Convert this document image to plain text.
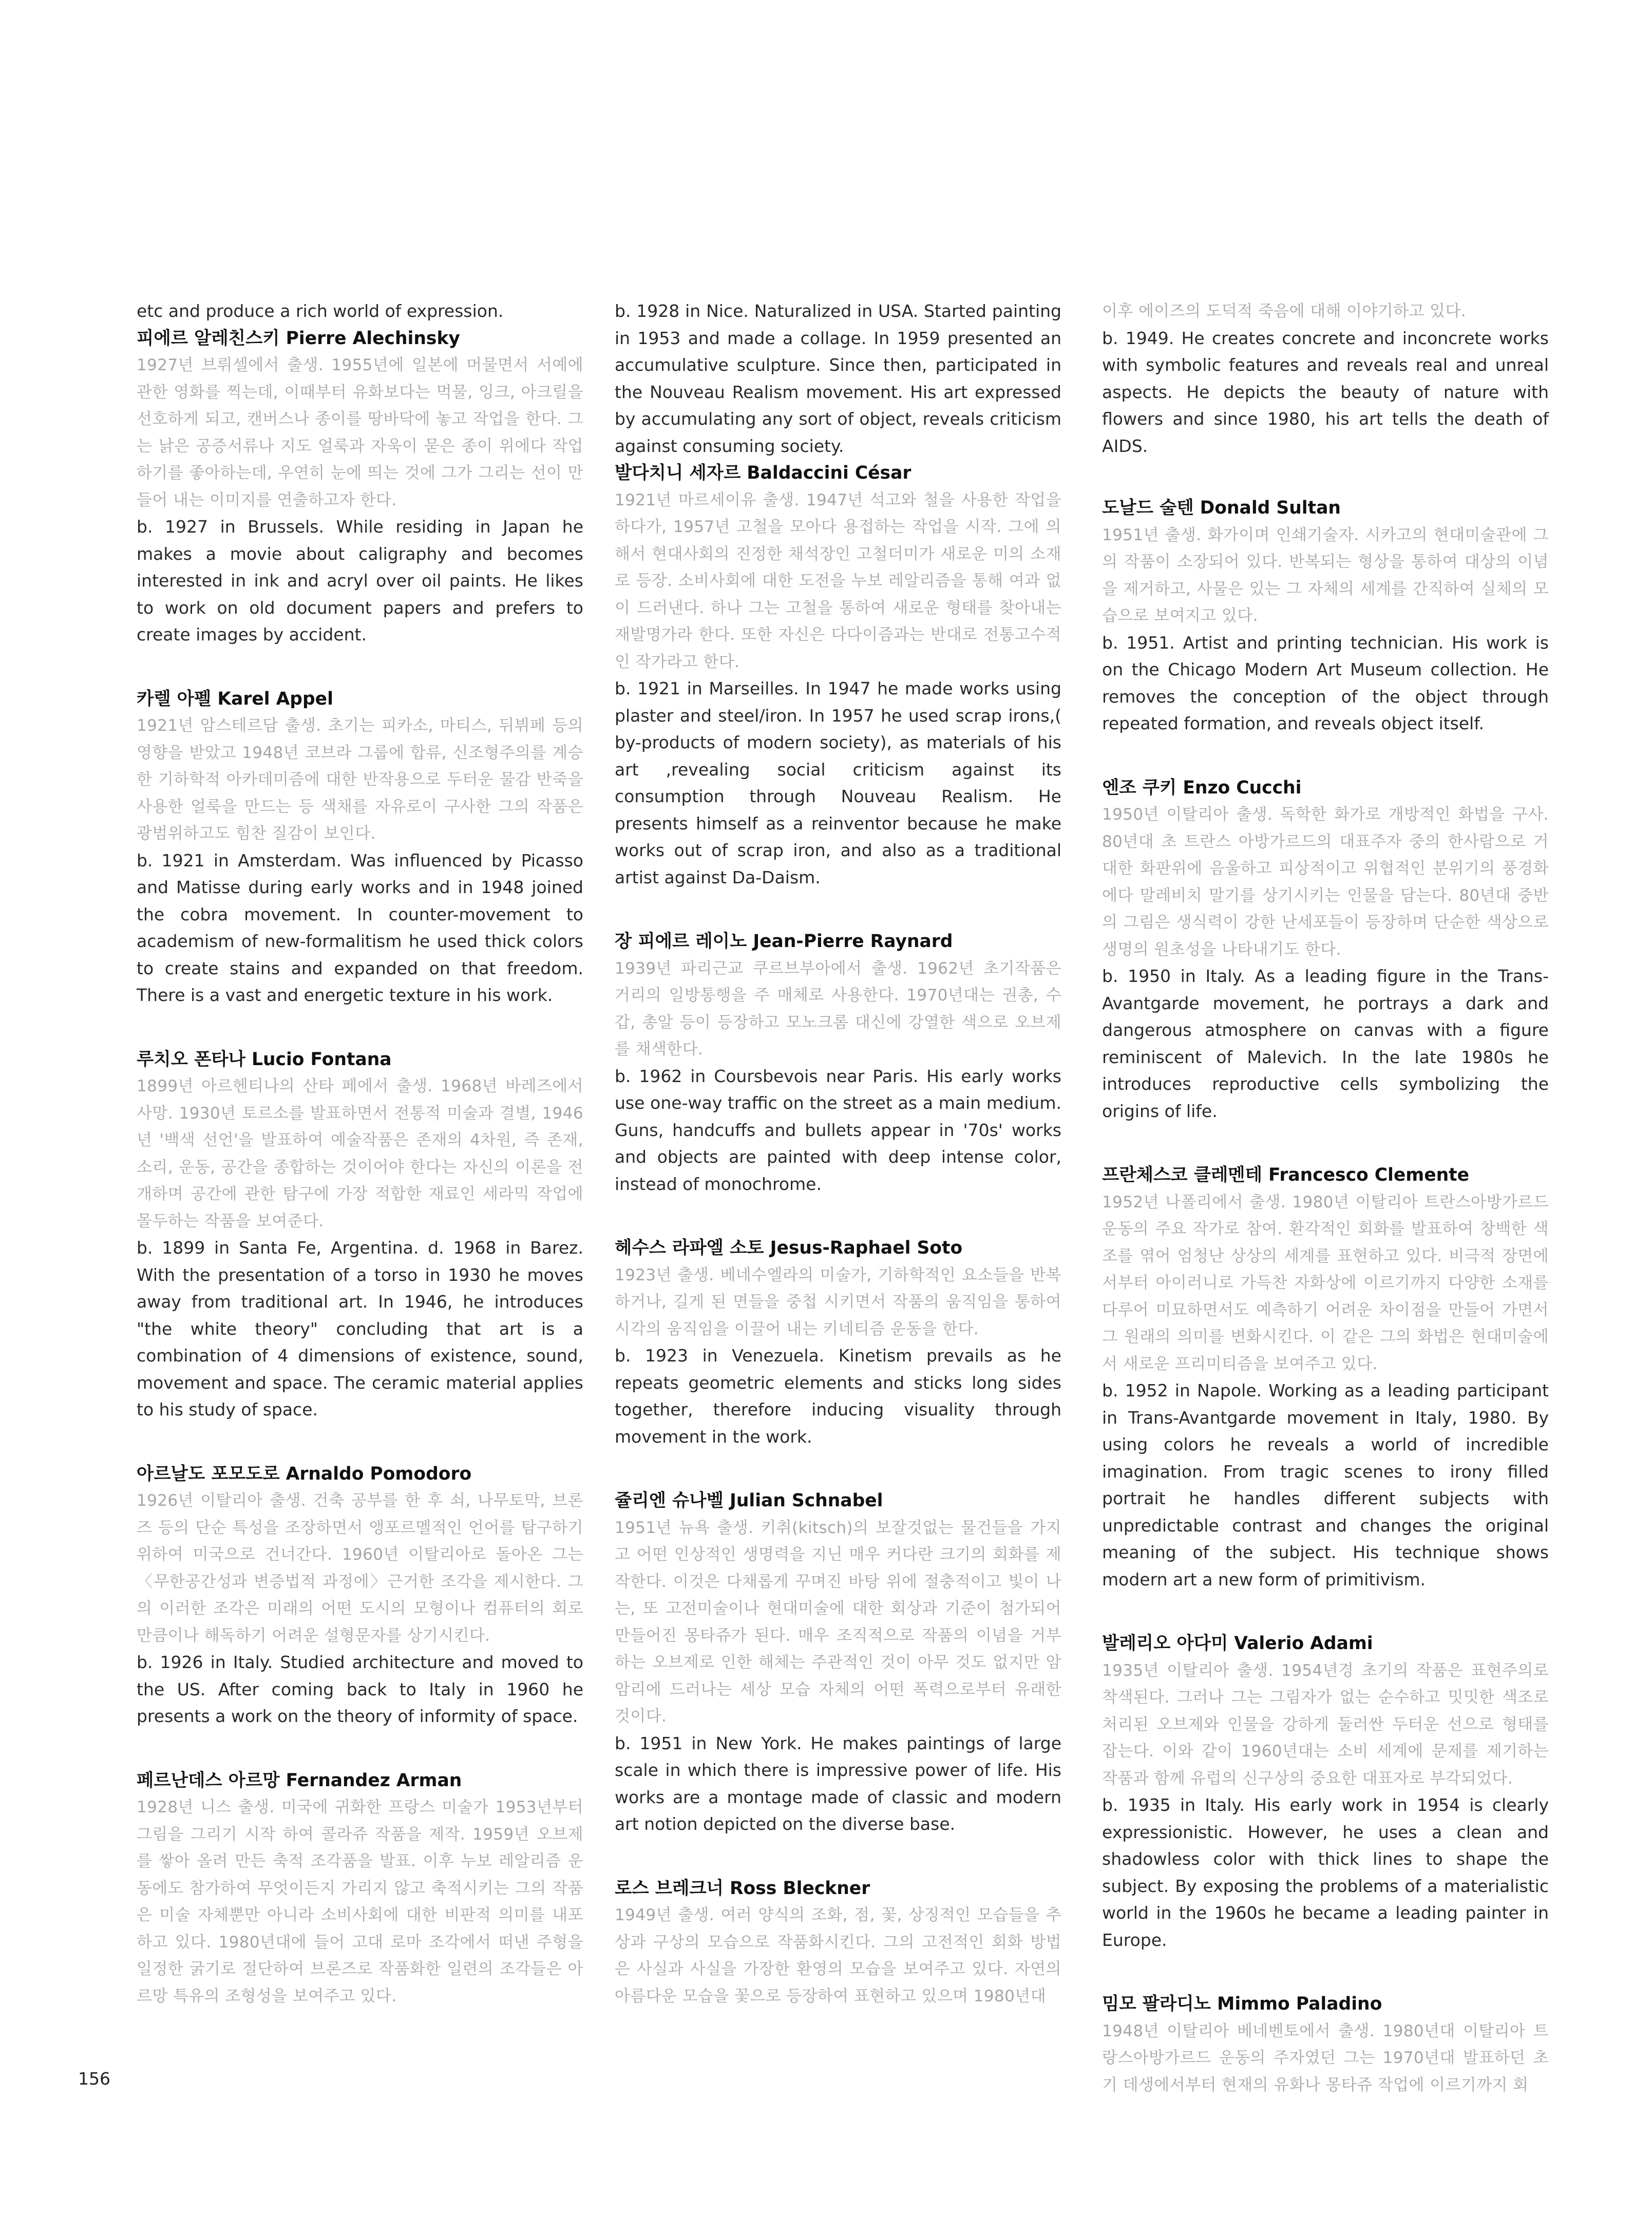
etc and produce a rich world of expression.

피에르 알레친스키 Pierre Alechinsky

1927년 브뤼셀에서 출생. 1955년에 일본에 머물면서 서예에 관한 영화를 찍는데, 이때부터 유화보다는 먹물, 잉크, 아크릴을 선호하게 되고, 캔버스나 종이를 땅바닥에 놓고 작업을 한다. 그는 낡은 공증서류나 지도 얼룩과 자욱이 묻은 종이 위에다 작업하기를 좋아하는데, 우연히 눈에 띄는 것에 그가 그리는 선이 만들어 내는 이미지를 연출하고자 한다.

b. 1927 in Brussels. While residing in Japan he makes a movie about caligraphy and becomes interested in ink and acryl over oil paints. He likes to work on old document papers and prefers to create images by accident.

카렐 아펠 Karel Appel

1921년 암스테르담 출생. 초기는 피카소, 마티스, 뒤뷔페 등의 영향을 받았고 1948년 코브라 그룹에 합류, 신조형주의를 계승한 기하학적 아카데미즘에 대한 반작용으로 두터운 물감 반죽을 사용한 얼룩을 만드는 등 색채를 자유로이 구사한 그의 작품은 광범위하고도 힘찬 질감이 보인다.

b. 1921 in Amsterdam. Was influenced by Picasso and Matisse during early works and in 1948 joined the cobra movement. In counter-movement to academism of new-formalitism he used thick colors to create stains and expanded on that freedom. There is a vast and energetic texture in his work.

루치오 폰타나 Lucio Fontana

1899년 아르헨티나의 산타 페에서 출생. 1968년 바레즈에서 사망. 1930년 토르소를 발표하면서 전통적 미술과 결별, 1946년 '백색 선언'을 발표하여 예술작품은 존재의 4차원, 즉 존재, 소리, 운동, 공간을 종합하는 것이어야 한다는 자신의 이론을 전개하며 공간에 관한 탐구에 가장 적합한 재료인 세라믹 작업에 몰두하는 작품을 보여준다.

b. 1899 in Santa Fe, Argentina. d. 1968 in Barez. With the presentation of a torso in 1930 he moves away from traditional art. In 1946, he introduces "the white theory" concluding that art is a combination of 4 dimensions of existence, sound, movement and space. The ceramic material applies to his study of space.

아르날도 포모도로 Arnaldo Pomodoro

1926년 이탈리아 출생. 건축 공부를 한 후 쇠, 나무토막, 브론즈 등의 단순 특성을 조장하면서 앵포르멜적인 언어를 탐구하기 위하여 미국으로 건너간다. 1960년 이탈리아로 돌아온 그는 〈무한공간성과 변증법적 과정에〉근거한 조각을 제시한다. 그의 이러한 조각은 미래의 어떤 도시의 모형이나 컴퓨터의 회로만큼이나 해독하기 어려운 설형문자를 상기시킨다.

b. 1926 in Italy. Studied architecture and moved to the US. After coming back to Italy in 1960 he presents a work on the theory of informity of space.

페르난데스 아르망 Fernandez Arman

1928년 니스 출생. 미국에 귀화한 프랑스 미술가 1953년부터 그림을 그리기 시작 하여 콜라쥬 작품을 제작. 1959년 오브제를 쌓아 올려 만든 축적 조각품을 발표. 이후 누보 레알리즘 운동에도 참가하여 무엇이든지 가리지 않고 축적시키는 그의 작품은 미술 자체뿐만 아니라 소비사회에 대한 비판적 의미를 내포하고 있다. 1980년대에 들어 고대 로마 조각에서 떠낸 주형을 일정한 굵기로 절단하여 브론즈로 작품화한 일련의 조각들은 아르망 특유의 조형성을 보여주고 있다.

b. 1928 in Nice. Naturalized in USA. Started painting in 1953 and made a collage. In 1959 presented an accumulative sculpture. Since then, participated in the Nouveau Realism movement. His art expressed by accumulating any sort of object, reveals criticism against consuming society.

발다치니 세자르 Baldaccini César

1921년 마르세이유 출생. 1947년 석고와 철을 사용한 작업을 하다가, 1957년 고철을 모아다 용접하는 작업을 시작. 그에 의해서 현대사회의 진정한 채석장인 고철더미가 새로운 미의 소재로 등장. 소비사회에 대한 도전을 누보 레알리즘을 통해 여과 없이 드러낸다. 하나 그는 고철을 통하여 새로운 형태를 찾아내는 재발명가라 한다. 또한 자신은 다다이즘과는 반대로 전통고수적인 작가라고 한다.

b. 1921 in Marseilles. In 1947 he made works using plaster and steel/iron. In 1957 he used scrap irons,( by-products of modern society), as materials of his art ,revealing social criticism against its consumption through Nouveau Realism. He presents himself as a reinventor because he make works out of scrap iron, and also as a traditional artist against Da-Daism.

장 피에르 레이노 Jean-Pierre Raynard

1939년 파리근교 쿠르브부아에서 출생. 1962년 초기작품은 거리의 일방통행을 주 매체로 사용한다. 1970년대는 권총, 수갑, 총알 등이 등장하고 모노크롬 대신에 강열한 색으로 오브제를 채색한다.

b. 1962 in Coursbevois near Paris. His early works use one-way traffic on the street as a main medium. Guns, handcuffs and bullets appear in '70s' works and objects are painted with deep intense color, instead of monochrome.

헤수스 라파엘 소토 Jesus-Raphael Soto

1923년 출생. 베네수엘라의 미술가, 기하학적인 요소들을 반복하거나, 길게 된 면들을 중첩 시키면서 작품의 움직임을 통하여 시각의 움직임을 이끌어 내는 키네티즘 운동을 한다.

b. 1923 in Venezuela. Kinetism prevails as he repeats geometric elements and sticks long sides together, therefore inducing visuality through movement in the work.

쥴리엔 슈나벨 Julian Schnabel

1951년 뉴욕 출생. 키취(kitsch)의 보잘것없는 물건들을 가지고 어떤 인상적인 생명력을 지닌 매우 커다란 크기의 회화를 제작한다. 이것은 다채롭게 꾸며진 바탕 위에 절충적이고 빛이 나는, 또 고전미술이나 현대미술에 대한 회상과 기준이 첨가되어 만들어진 몽타쥬가 된다. 매우 조직적으로 작품의 이념을 거부하는 오브제로 인한 해체는 주관적인 것이 아무 것도 없지만 암암리에 드러나는 세상 모습 자체의 어떤 폭력으로부터 유래한 것이다.

b. 1951 in New York. He makes paintings of large scale in which there is impressive power of life. His works are a montage made of classic and modern art notion depicted on the diverse base.

로스 브레크너 Ross Bleckner

1949년 출생. 여러 양식의 조화, 점, 꽃, 상징적인 모습들을 추상과 구상의 모습으로 작품화시킨다. 그의 고전적인 회화 방법은 사실과 사실을 가장한 환영의 모습을 보여주고 있다. 자연의 아름다운 모습을 꽃으로 등장하여 표현하고 있으며 1980년대

이후 에이즈의 도덕적 죽음에 대해 이야기하고 있다.

b. 1949. He creates concrete and inconcrete works with symbolic features and reveals real and unreal aspects. He depicts the beauty of nature with flowers and since 1980, his art tells the death of AIDS.

도날드 술텐 Donald Sultan

1951년 출생. 화가이며 인쇄기술자. 시카고의 현대미술관에 그의 작품이 소장되어 있다. 반복되는 형상을 통하여 대상의 이념을 제거하고, 사물은 있는 그 자체의 세계를 간직하여 실체의 모습으로 보여지고 있다.

b. 1951. Artist and printing technician. His work is on the Chicago Modern Art Museum collection. He removes the conception of the object through repeated formation, and reveals object itself.

엔조 쿠키 Enzo Cucchi

1950년 이탈리아 출생. 독학한 화가로 개방적인 화법을 구사. 80년대 초 트란스 아방가르드의 대표주자 중의 한사람으로 거대한 화판위에 음울하고 피상적이고 위협적인 분위기의 풍경화에다 말레비치 말기를 상기시키는 인물을 담는다. 80년대 중반의 그림은 생식력이 강한 난세포들이 등장하며 단순한 색상으로 생명의 원초성을 나타내기도 한다.

b. 1950 in Italy. As a leading figure in the Trans-Avantgarde movement, he portrays a dark and dangerous atmosphere on canvas with a figure reminiscent of Malevich. In the late 1980s he introduces reproductive cells symbolizing the origins of life.

프란체스코 클레멘테 Francesco Clemente

1952년 나폴리에서 출생. 1980년 이탈리아 트란스아방가르드 운동의 주요 작가로 참여. 환각적인 회화를 발표하여 창백한 색조를 엮어 엄청난 상상의 세계를 표현하고 있다. 비극적 장면에서부터 아이러니로 가득찬 자화상에 이르기까지 다양한 소재를 다루어 미묘하면서도 예측하기 어려운 차이점을 만들어 가면서 그 원래의 의미를 변화시킨다. 이 같은 그의 화법은 현대미술에서 새로운 프리미티즘을 보여주고 있다.

b. 1952 in Napole. Working as a leading participant in Trans-Avantgarde movement in Italy, 1980. By using colors he reveals a world of incredible imagination. From tragic scenes to irony filled portrait he handles different subjects with unpredictable contrast and changes the original meaning of the subject. His technique shows modern art a new form of primitivism.

발레리오 아다미 Valerio Adami

1935년 이탈리아 출생. 1954년경 초기의 작품은 표현주의로 착색된다. 그러나 그는 그림자가 없는 순수하고 밋밋한 색조로 처리된 오브제와 인물을 강하게 둘러싼 두터운 선으로 형태를 잡는다. 이와 같이 1960년대는 소비 세계에 문제를 제기하는 작품과 함께 유럽의 신구상의 중요한 대표자로 부각되었다.

b. 1935 in Italy. His early work in 1954 is clearly expressionistic. However, he uses a clean and shadowless color with thick lines to shape the subject. By exposing the problems of a materialistic world in the 1960s he became a leading painter in Europe.

밈모 팔라디노 Mimmo Paladino

1948년 이탈리아 베네벤토에서 출생. 1980년대 이탈리아 트랑스아방가르드 운동의 주자였던 그는 1970년대 발표하던 초기 데생에서부터 현재의 유화나 몽타쥬 작업에 이르기까지 회

156
